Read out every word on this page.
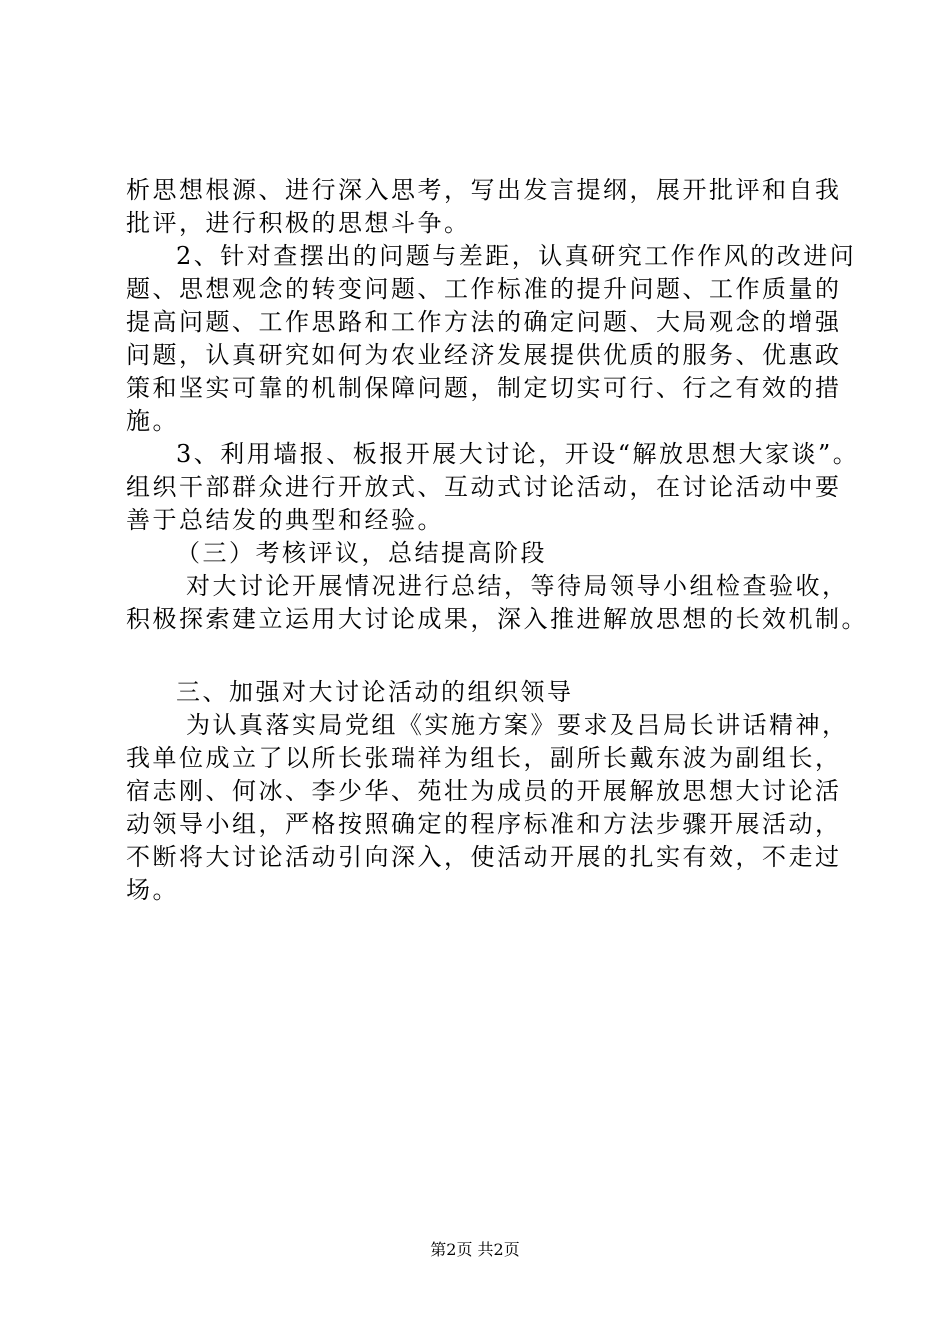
析思想根源、进行深入思考，写出发言提纲，展开批评和自我
批评，进行积极的思想斗争。
2、针对查摆出的问题与差距，认真研究工作作风的改进问
题、思想观念的转变问题、工作标准的提升问题、工作质量的
提高问题、工作思路和工作方法的确定问题、大局观念的增强
问题，认真研究如何为农业经济发展提供优质的服务、优惠政
策和坚实可靠的机制保障问题，制定切实可行、行之有效的措
施。
3、利用墙报、板报开展大讨论，开设“解放思想大家谈”。
组织干部群众进行开放式、互动式讨论活动，在讨论活动中要
善于总结发的典型和经验。
（三）考核评议，总结提高阶段
对大讨论开展情况进行总结，等待局领导小组检查验收，
积极探索建立运用大讨论成果，深入推进解放思想的长效机制。
三、加强对大讨论活动的组织领导
为认真落实局党组《实施方案》要求及吕局长讲话精神，
我单位成立了以所长张瑞祥为组长，副所长戴东波为副组长，
宿志刚、何冰、李少华、苑壮为成员的开展解放思想大讨论活
动领导小组，严格按照确定的程序标准和方法步骤开展活动，
不断将大讨论活动引向深入，使活动开展的扎实有效，不走过
场。
第2页 共2页
